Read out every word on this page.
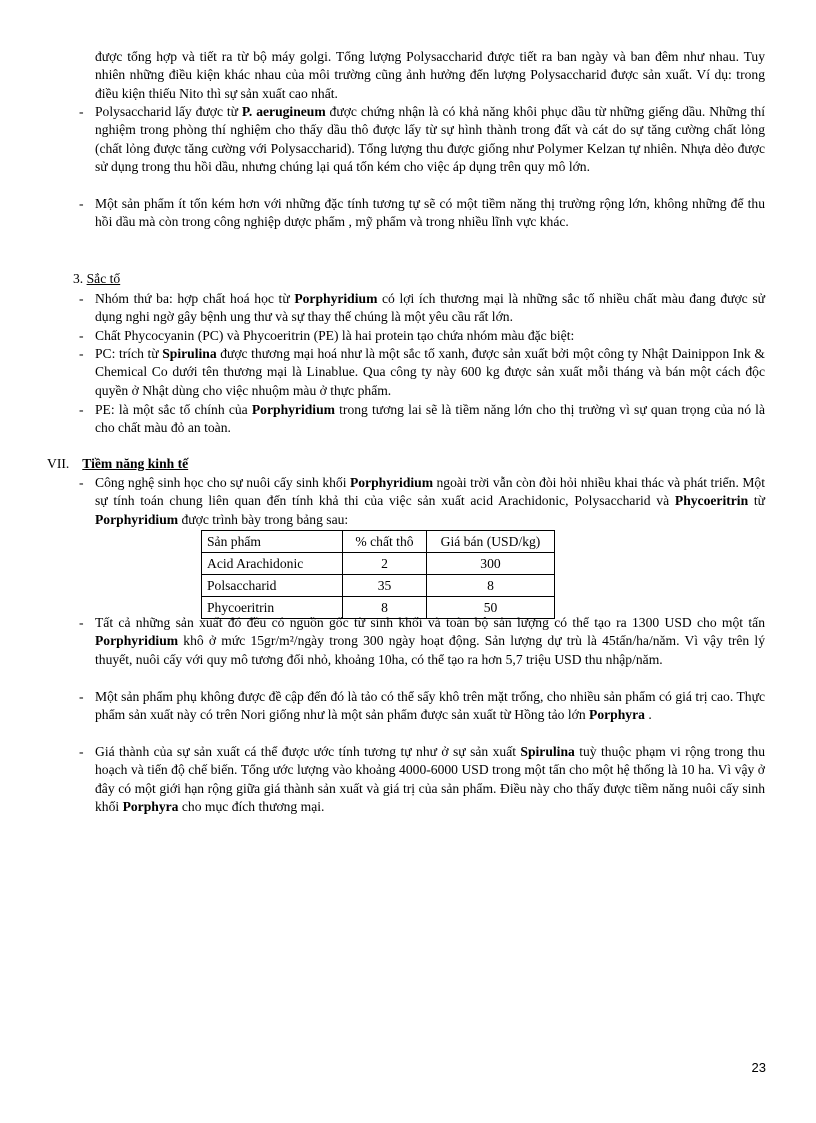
được tổng hợp và tiết ra từ bộ máy golgi. Tổng lượng Polysaccharid được tiết ra ban ngày và ban đêm như nhau. Tuy nhiên những điều kiện khác nhau của môi trường cũng ảnh hưởng đến lượng Polysaccharid được sản xuất. Ví dụ: trong điều kiện thiếu Nito thì sự sản xuất cao nhất.

- Polysaccharid lấy được từ P. aerugineum được chứng nhận là có khả năng khôi phục dầu từ những giếng dầu. Những thí nghiệm trong phòng thí nghiệm cho thấy dầu thô được lấy từ sự hình thành trong đất và cát do sự tăng cường chất lỏng (chất lỏng được tăng cường với Polysaccharid). Tổng lượng thu được giống như Polymer Kelzan tự nhiên. Nhựa dẻo được sử dụng trong thu hồi dầu, nhưng chúng lại quá tốn kém cho việc áp dụng trên quy mô lớn.
- Một sản phẩm ít tốn kém hơn với những đặc tính tương tự sẽ có một tiềm năng thị trường rộng lớn, không những để thu hồi dầu mà còn trong công nghiệp dược phẩm , mỹ phẩm và trong nhiều lĩnh vực khác.
3. Sắc tố
- Nhóm thứ ba: hợp chất hoá học từ Porphyridium có lợi ích thương mại là những sắc tố nhiều chất màu đang được sử dụng nghi ngờ gây bệnh ung thư và sự thay thế chúng là một yêu cầu rất lớn.
- Chất Phycocyanin (PC) và Phycoeritrin (PE) là hai protein tạo chứa nhóm màu đặc biệt:
- PC: trích từ Spirulina được thương mại hoá như là một sắc tố xanh, được sản xuất bởi một công ty Nhật Dainippon Ink & Chemical Co dưới tên thương mại là Linablue. Qua công ty này 600 kg được sản xuất mỗi tháng và bán một cách độc quyền ở Nhật dùng cho việc nhuộm màu ở thực phẩm.
- PE: là một sắc tố chính của Porphyridium trong tương lai sẽ là tiềm năng lớn cho thị trường vì sự quan trọng của nó là cho chất màu đỏ an toàn.
VII. Tiềm năng kinh tế
- Công nghệ sinh học cho sự nuôi cấy sinh khối Porphyridium ngoài trời vẫn còn đòi hỏi nhiều khai thác và phát triển. Một sự tính toán chung liên quan đến tính khả thi của việc sản xuất acid Arachidonic, Polysaccharid và Phycoeritrin từ Porphyridium được trình bày trong bảng sau:
Sản phẩm	% chất thô	Giá bán (USD/kg)
Acid Arachidonic	2	300
Polsaccharid	35	8
Phycoeritrin	8	50
- Tất cả những sản xuất đó đều có nguồn gốc từ sinh khối và toàn bộ sản lượng có thể tạo ra 1300 USD cho một tấn Porphyridium khô ở mức 15gr/m²/ngày trong 300 ngày hoạt động. Sản lượng dự trù là 45tấn/ha/năm. Vì vậy trên lý thuyết, nuôi cấy với quy mô tương đối nhỏ, khoảng 10ha, có thể tạo ra hơn 5,7 triệu USD thu nhập/năm.
- Một sản phẩm phụ không được đề cập đến đó là tảo có thể sấy khô trên mặt trống, cho nhiều sản phẩm có giá trị cao. Thực phẩm sản xuất này có trên Nori giống như là một sản phẩm được sản xuất từ Hồng tảo lớn Porphyra .
- Giá thành của sự sản xuất cá thể được ước tính tương tự như ở sự sản xuất Spirulina tuỳ thuộc phạm vi rộng trong thu hoạch và tiến độ chế biến. Tổng ước lượng vào khoảng 4000-6000 USD trong một tấn cho một hệ thống là 10 ha. Vì vậy ở đây có một giới hạn rộng giữa giá thành sản xuất và giá trị của sản phẩm. Điều này cho thấy được tiềm năng nuôi cấy sinh khối Porphyra cho mục đích thương mại.
23
